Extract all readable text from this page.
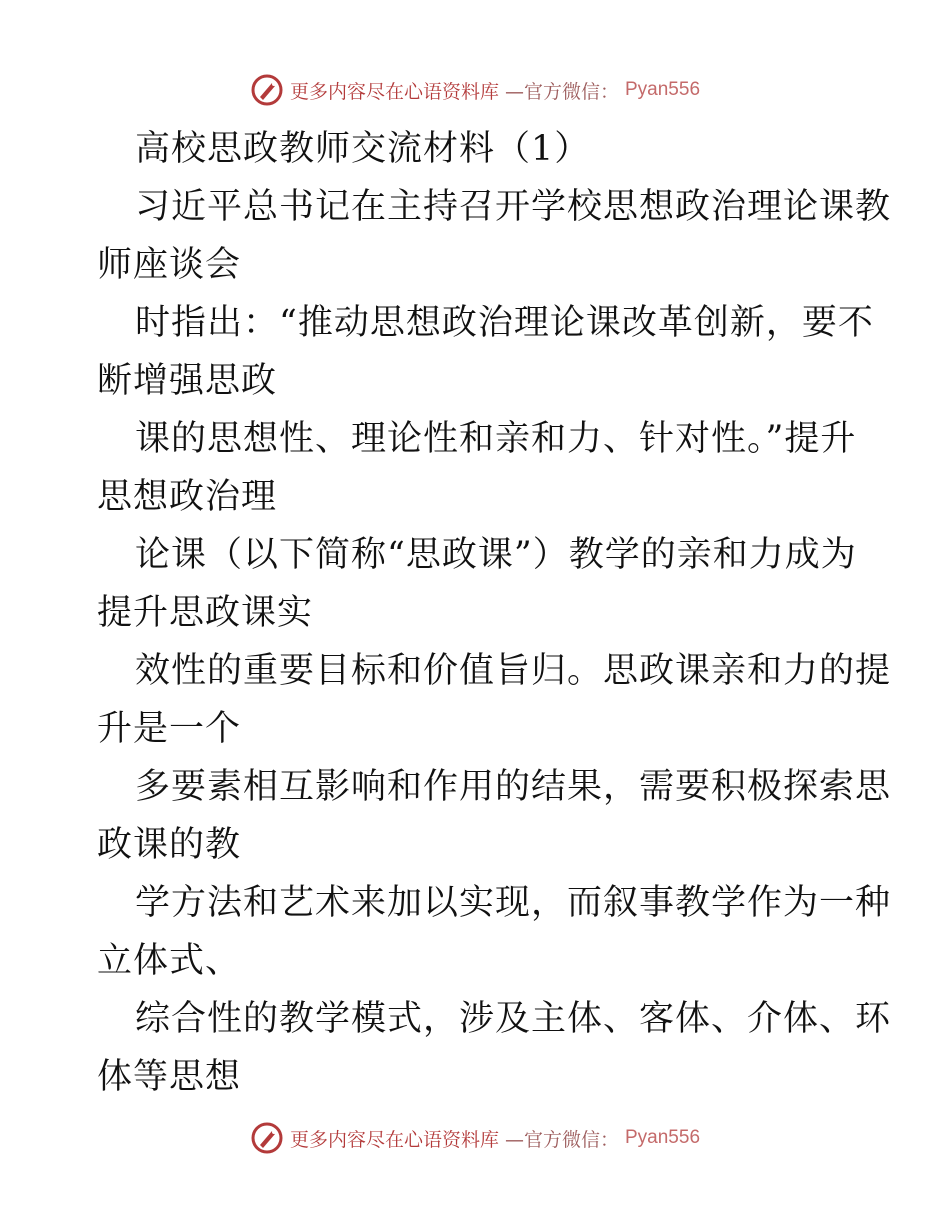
更多内容尽在心语资料库 —官方微信： Pyan556
高校思政教师交流材料（1）
习近平总书记在主持召开学校思想政治理论课教
师座谈会
时指出：“推动思想政治理论课改革创新，要不
断增强思政
课的思想性、理论性和亲和力、针对性。”提升
思想政治理
论课（以下简称“思政课”）教学的亲和力成为
提升思政课实
效性的重要目标和价值旨归。思政课亲和力的提
升是一个
多要素相互影响和作用的结果，需要积极探索思
政课的教
学方法和艺术来加以实现，而叙事教学作为一种
立体式、
综合性的教学模式，涉及主体、客体、介体、环
体等思想
更多内容尽在心语资料库 —官方微信： Pyan556
